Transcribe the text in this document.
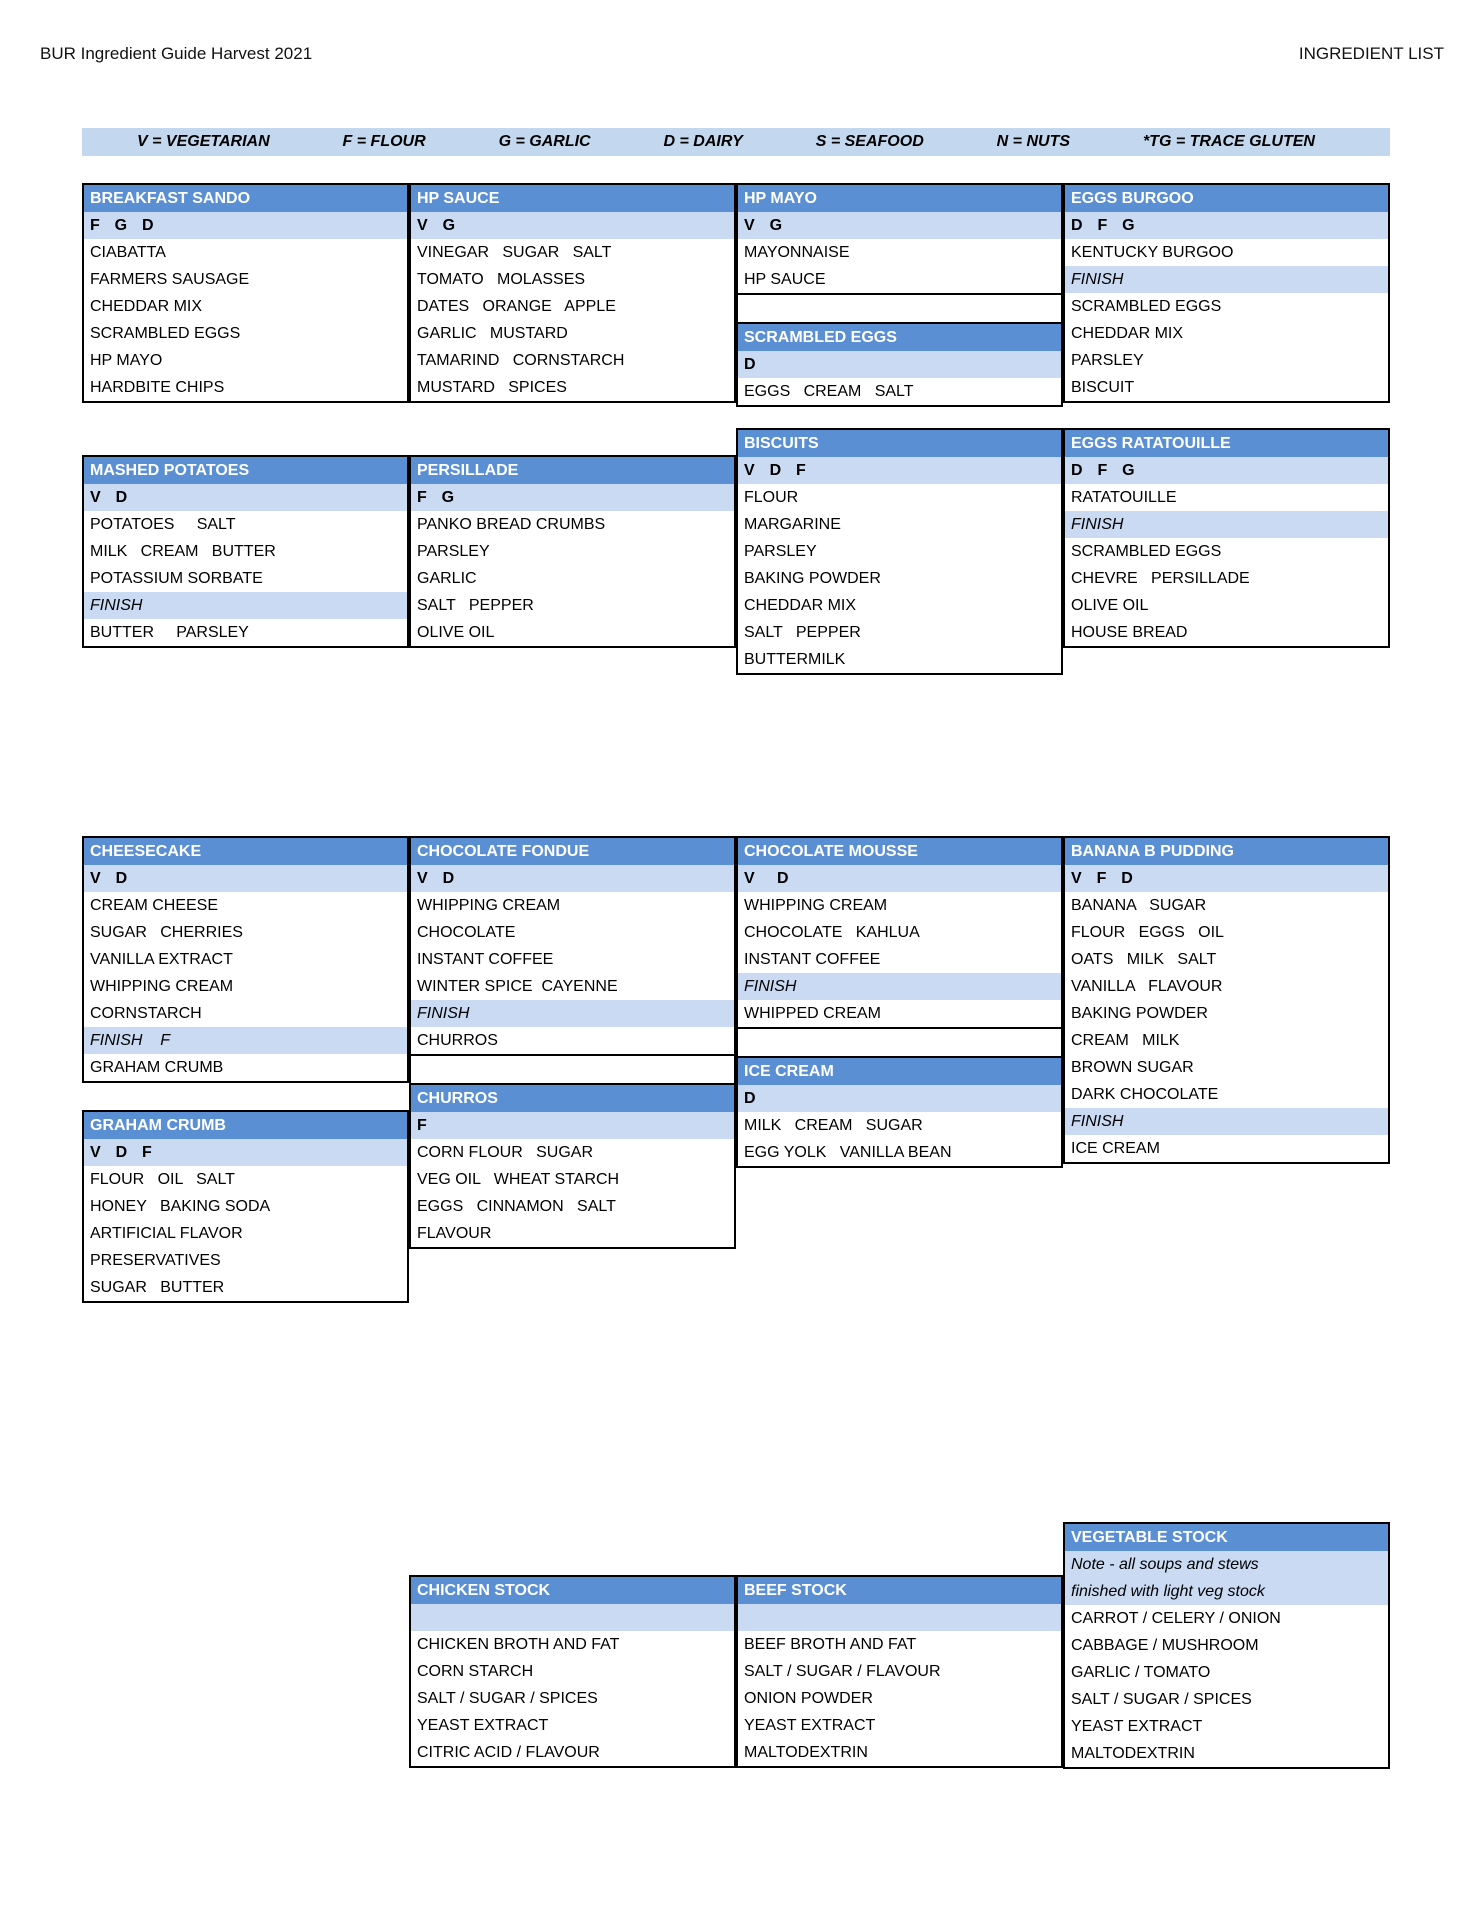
BUR Ingredient Guide Harvest 2021	INGREDIENT LIST
V = VEGETARIAN	F = FLOUR	G = GARLIC	D = DAIRY	S = SEAFOOD	N = NUTS	*TG = TRACE GLUTEN
BREAKFAST SANDO
F  G  D
CIABATTA
FARMERS SAUSAGE
CHEDDAR MIX
SCRAMBLED EGGS
HP MAYO
HARDBITE CHIPS
HP SAUCE
V  G
VINEGAR   SUGAR   SALT
TOMATO   MOLASSES
DATES   ORANGE   APPLE
GARLIC   MUSTARD
TAMARIND   CORNSTARCH
MUSTARD   SPICES
HP MAYO
V  G
MAYONNAISE
HP SAUCE
SCRAMBLED EGGS
D
EGGS   CREAM   SALT
EGGS BURGOO
D  F  G
KENTUCKY BURGOO
FINISH
SCRAMBLED EGGS
CHEDDAR MIX
PARSLEY
BISCUIT
MASHED POTATOES
V  D
POTATOES     SALT
MILK   CREAM   BUTTER
POTASSIUM SORBATE
FINISH
BUTTER     PARSLEY
PERSILLADE
F  G
PANKO BREAD CRUMBS
PARSLEY
GARLIC
SALT   PEPPER
OLIVE OIL
BISCUITS
V  D  F
FLOUR
MARGARINE
PARSLEY
BAKING POWDER
CHEDDAR MIX
SALT   PEPPER
BUTTERMILK
EGGS RATATOUILLE
D  F  G
RATATOUILLE
FINISH
SCRAMBLED EGGS
CHEVRE   PERSILLADE
OLIVE OIL
HOUSE BREAD
CHEESECAKE
V  D
CREAM CHEESE
SUGAR   CHERRIES
VANILLA EXTRACT
WHIPPING CREAM
CORNSTARCH
FINISH    F
GRAHAM CRUMB
GRAHAM CRUMB
V  D  F
FLOUR   OIL   SALT
HONEY   BAKING SODA
ARTIFICIAL FLAVOR
PRESERVATIVES
SUGAR   BUTTER
CHOCOLATE FONDUE
V  D
WHIPPING CREAM
CHOCOLATE
INSTANT COFFEE
WINTER SPICE  CAYENNE
FINISH
CHURROS
CHURROS
F
CORN FLOUR   SUGAR
VEG OIL   WHEAT STARCH
EGGS   CINNAMON   SALT
FLAVOUR
CHOCOLATE MOUSSE
V   D
WHIPPING CREAM
CHOCOLATE   KAHLUA
INSTANT COFFEE
FINISH
WHIPPED CREAM
ICE CREAM
D
MILK   CREAM   SUGAR
EGG YOLK   VANILLA BEAN
BANANA B PUDDING
V  F  D
BANANA   SUGAR
FLOUR   EGGS   OIL
OATS   MILK   SALT
VANILLA   FLAVOUR
BAKING POWDER
CREAM   MILK
BROWN SUGAR
DARK CHOCOLATE
FINISH
ICE CREAM
CHICKEN STOCK
CHICKEN BROTH AND FAT
CORN STARCH
SALT / SUGAR / SPICES
YEAST EXTRACT
CITRIC ACID / FLAVOUR
BEEF STOCK
BEEF BROTH AND FAT
SALT / SUGAR / FLAVOUR
ONION POWDER
YEAST EXTRACT
MALTODEXTRIN
VEGETABLE STOCK
Note - all soups and stews
finished with light veg stock
CARROT / CELERY / ONION
CABBAGE / MUSHROOM
GARLIC / TOMATO
SALT / SUGAR / SPICES
YEAST EXTRACT
MALTODEXTRIN
